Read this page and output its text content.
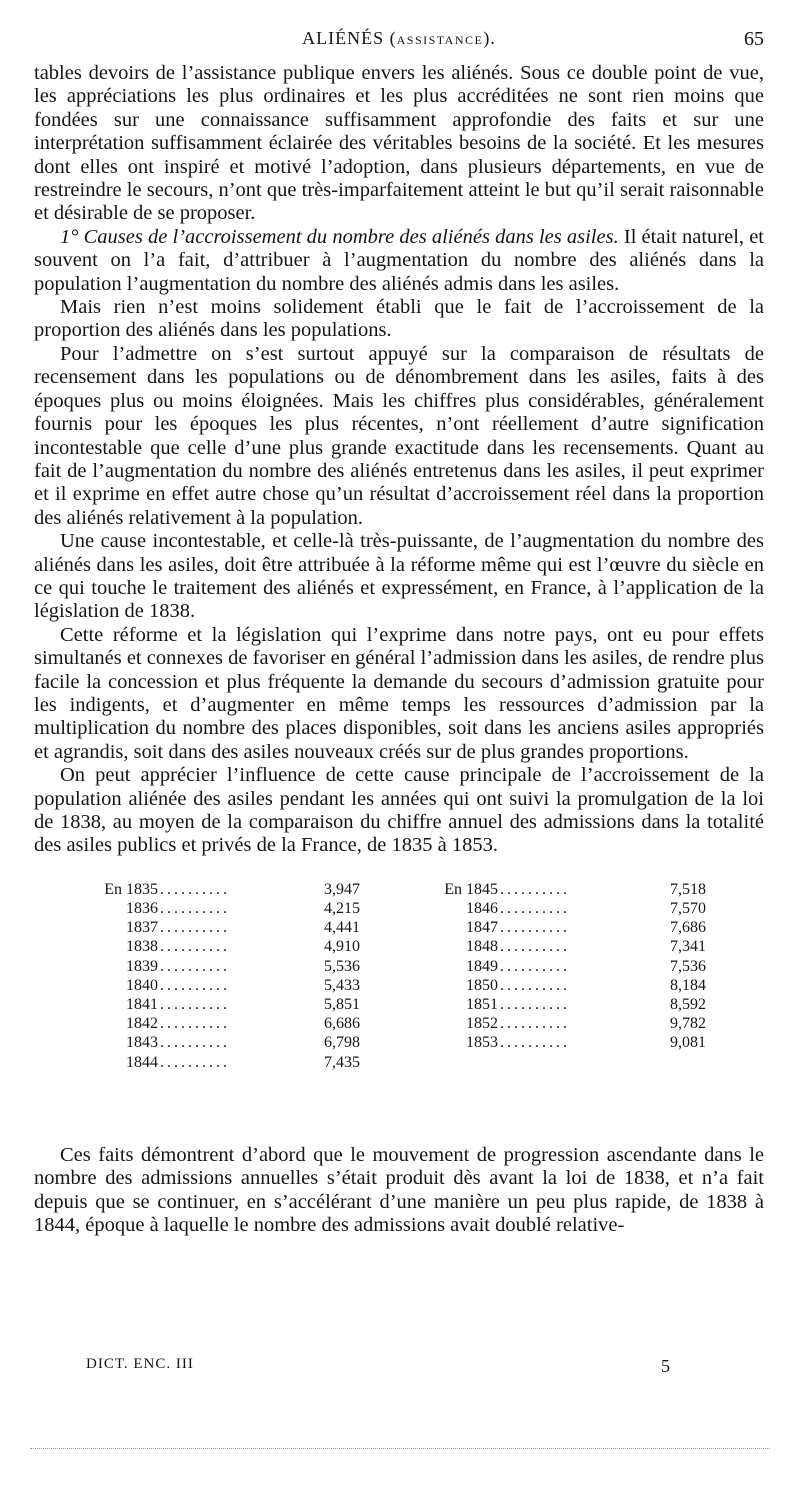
ALIÉNÉS (ASSISTANCE).	65

tables devoirs de l’assistance publique envers les aliénés. Sous ce double point de vue, les appréciations les plus ordinaires et les plus accréditées ne sont rien moins que fondées sur une connaissance suffisamment approfondie des faits et sur une interprétation suffisamment éclairée des véritables besoins de la société. Et les mesures dont elles ont inspiré et motivé l’adoption, dans plusieurs départements, en vue de restreindre le secours, n’ont que très-imparfaitement atteint le but qu’il serait raisonnable et désirable de se proposer.

1° Causes de l’accroissement du nombre des aliénés dans les asiles. Il était naturel, et souvent on l’a fait, d’attribuer à l’augmentation du nombre des aliénés dans la population l’augmentation du nombre des aliénés admis dans les asiles.

Mais rien n’est moins solidement établi que le fait de l’accroissement de la proportion des aliénés dans les populations.

Pour l’admettre on s’est surtout appuyé sur la comparaison de résultats de recensement dans les populations ou de dénombrement dans les asiles, faits à des époques plus ou moins éloignées. Mais les chiffres plus considérables, généralement fournis pour les époques les plus récentes, n’ont réellement d’autre signification incontestable que celle d’une plus grande exactitude dans les recensements. Quant au fait de l’augmentation du nombre des aliénés entretenus dans les asiles, il peut exprimer et il exprime en effet autre chose qu’un résultat d’accroissement réel dans la proportion des aliénés relativement à la population.

Une cause incontestable, et celle-là très-puissante, de l’augmentation du nombre des aliénés dans les asiles, doit être attribuée à la réforme même qui est l’œuvre du siècle en ce qui touche le traitement des aliénés et expressément, en France, à l’application de la législation de 1838.

Cette réforme et la législation qui l’exprime dans notre pays, ont eu pour effets simultanés et connexes de favoriser en général l’admission dans les asiles, de rendre plus facile la concession et plus fréquente la demande du secours d’admission gratuite pour les indigents, et d’augmenter en même temps les ressources d’admission par la multiplication du nombre des places disponibles, soit dans les anciens asiles appropriés et agrandis, soit dans des asiles nouveaux créés sur de plus grandes proportions.

On peut apprécier l’influence de cette cause principale de l’accroissement de la population aliénée des asiles pendant les années qui ont suivi la promulgation de la loi de 1838, au moyen de la comparaison du chiffre annuel des admissions dans la totalité des asiles publics et privés de la France, de 1835 à 1853.

En 1835 ..........	3,947
1836 ..........	4,215
1837 ..........	4,441
1838 ..........	4,910
1839 ..........	5,536
1840 ..........	5,433
1841 ..........	5,851
1842 ..........	6,686
1843 ..........	6,798
1844 ..........	7,435
En 1845 ..........	7,518
1846 ..........	7,570
1847 ..........	7,686
1848 ..........	7,341
1849 ..........	7,536
1850 ..........	8,184
1851 ..........	8,592
1852 ..........	9,782
1853 ..........	9,081

Ces faits démontrent d’abord que le mouvement de progression ascendante dans le nombre des admissions annuelles s’était produit dès avant la loi de 1838, et n’a fait depuis que se continuer, en s’accélérant d’une manière un peu plus rapide, de 1838 à 1844, époque à laquelle le nombre des admissions avait doublé relative-

DICT. ENC. III	5
